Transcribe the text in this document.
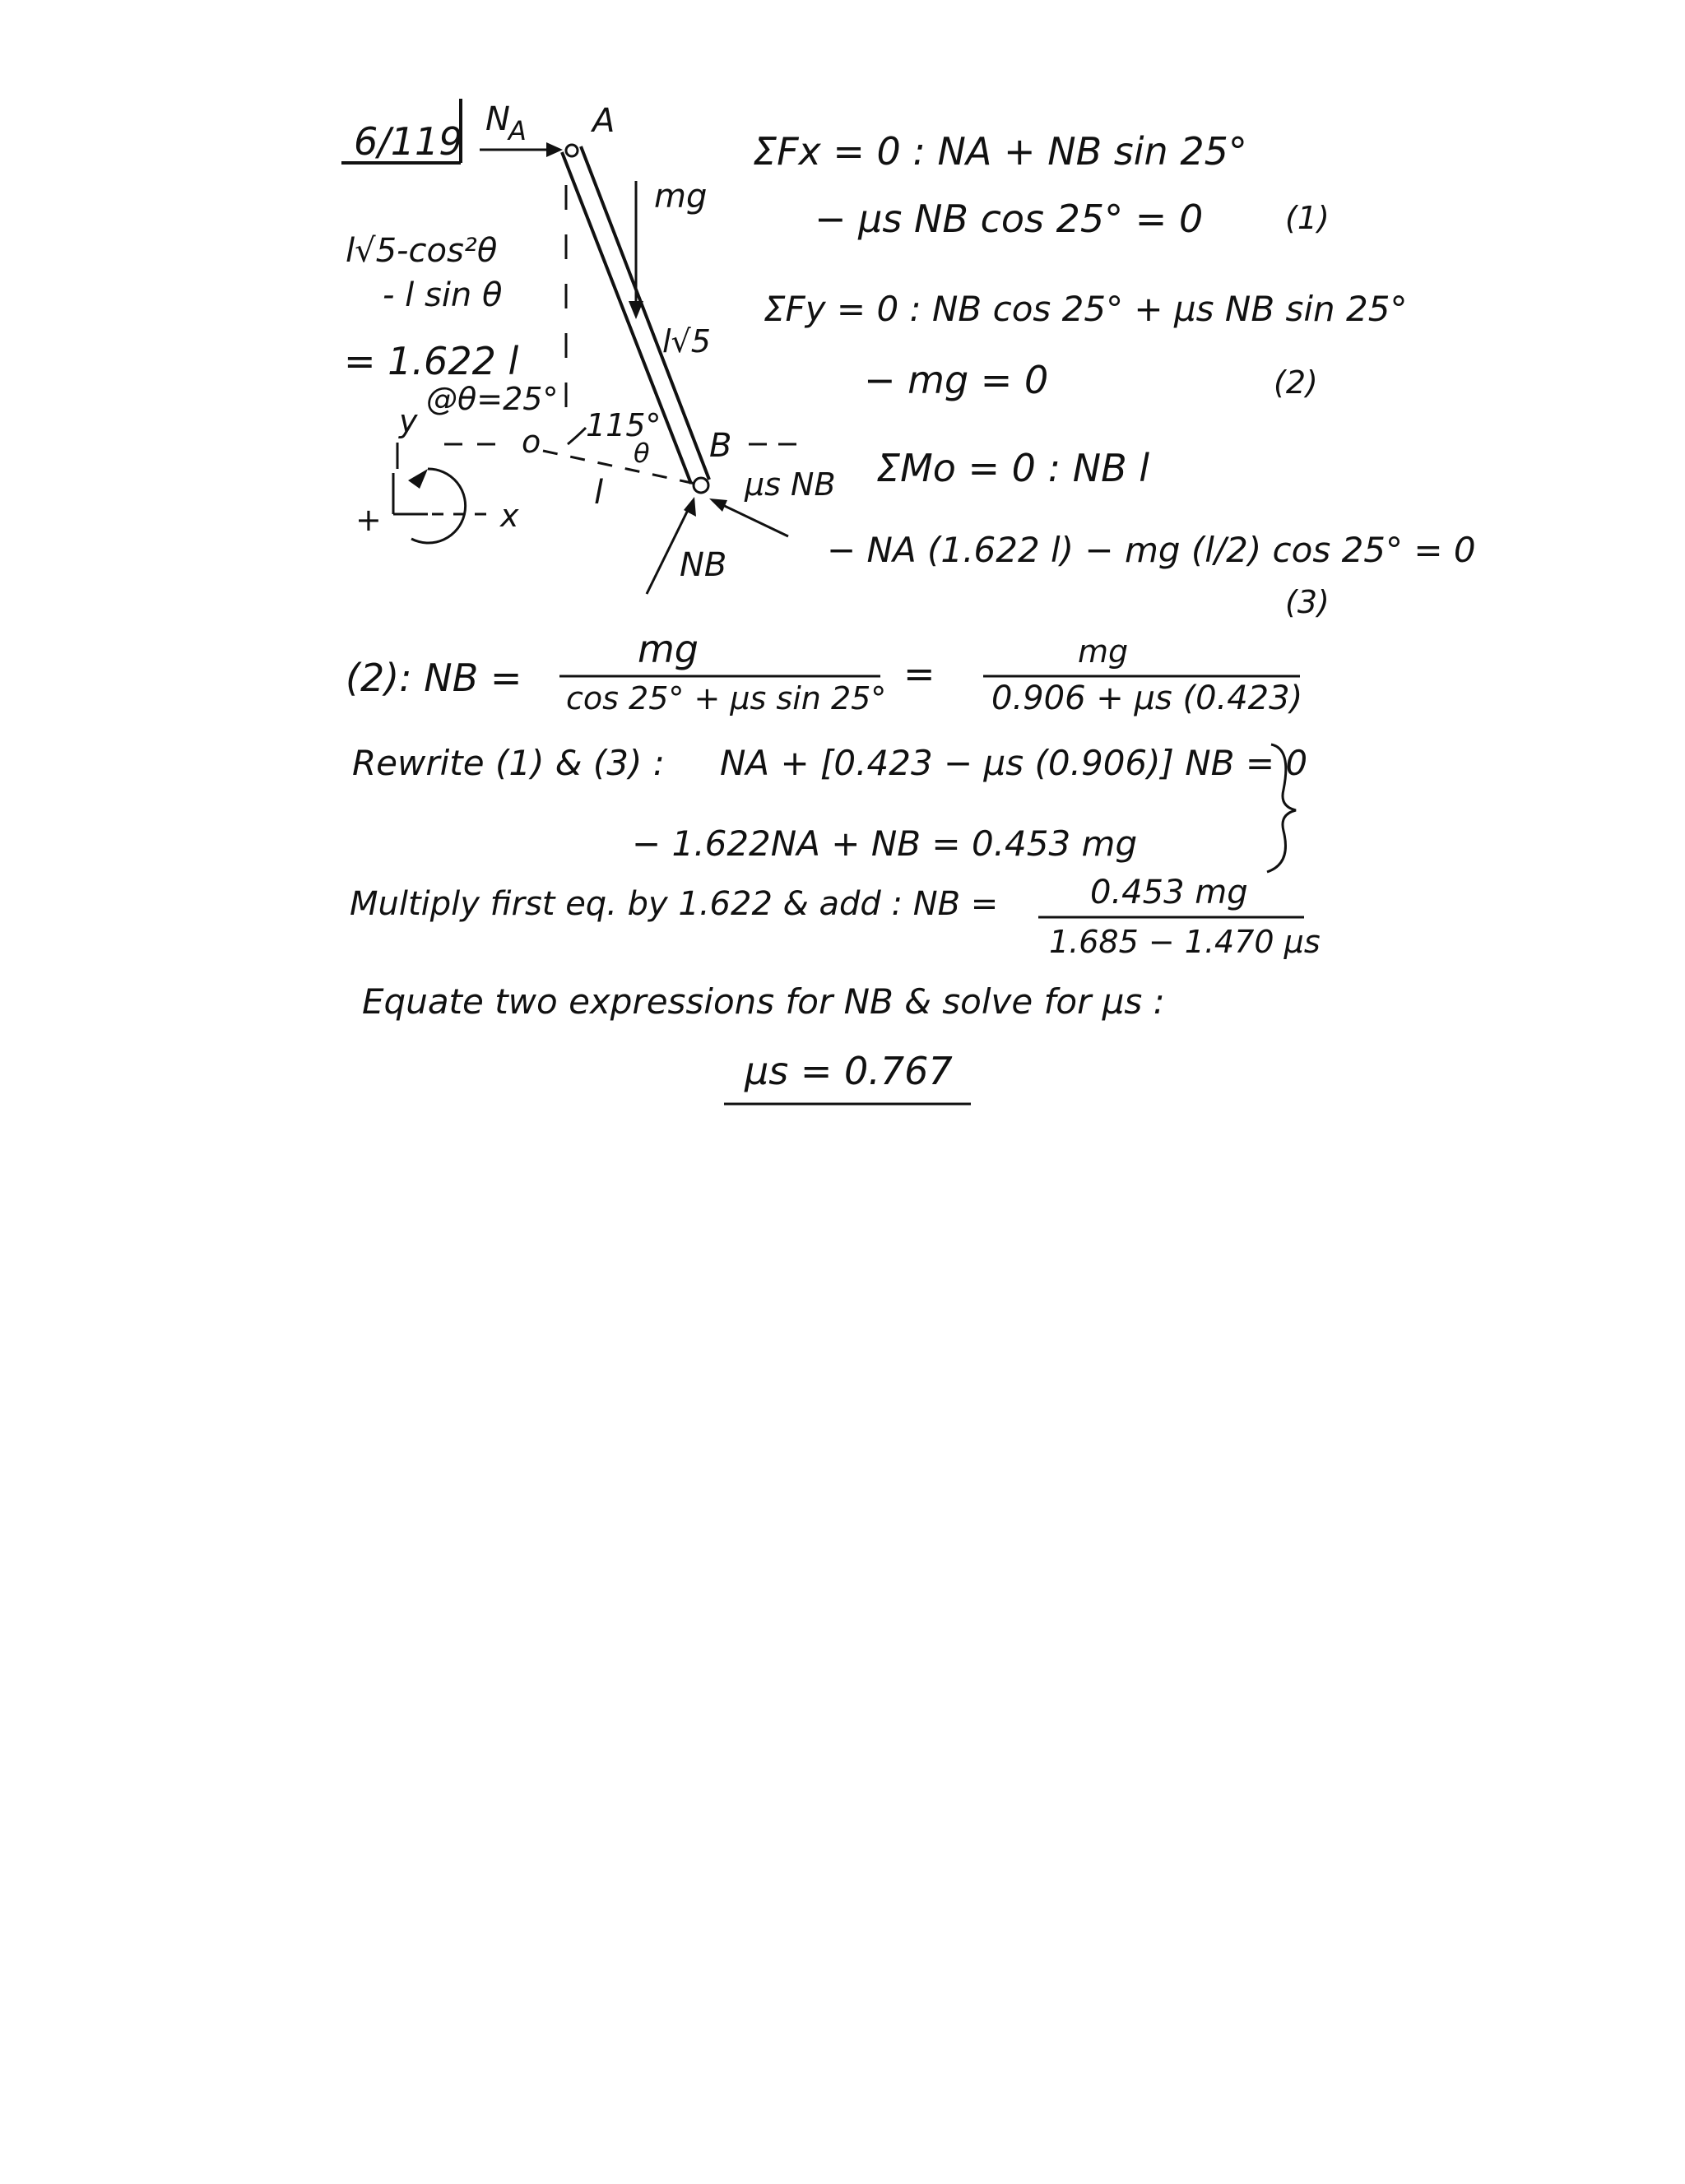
6/119 N
A A
mg
l√5
l√5-cos²θ
- l sin θ
= 1.622 l
@θ=25°
y
o 115°
θ B
l	μs NB
NB
+	x
ΣFx = 0 : NA + NB sin 25°
− μs NB cos 25° = 0	(1)
ΣFy = 0 : NB cos 25° + μs NB sin 25°
− mg = 0	(2)
ΣMo = 0 : NB l
− NA (1.622 l) − mg (l/2) cos 25° = 0
(3)
(2): NB =
mg
cos 25° + μs sin 25°
=	mg
0.906 + μs (0.423)
Rewrite (1) & (3) : NA + [0.423 − μs (0.906)] NB = 0
− 1.622NA + NB = 0.453 mg
Multiply first eq. by 1.622 & add : NB =	0.453 mg
1.685 − 1.470 μs
Equate two expressions for NB & solve for μs :
μs = 0.767
